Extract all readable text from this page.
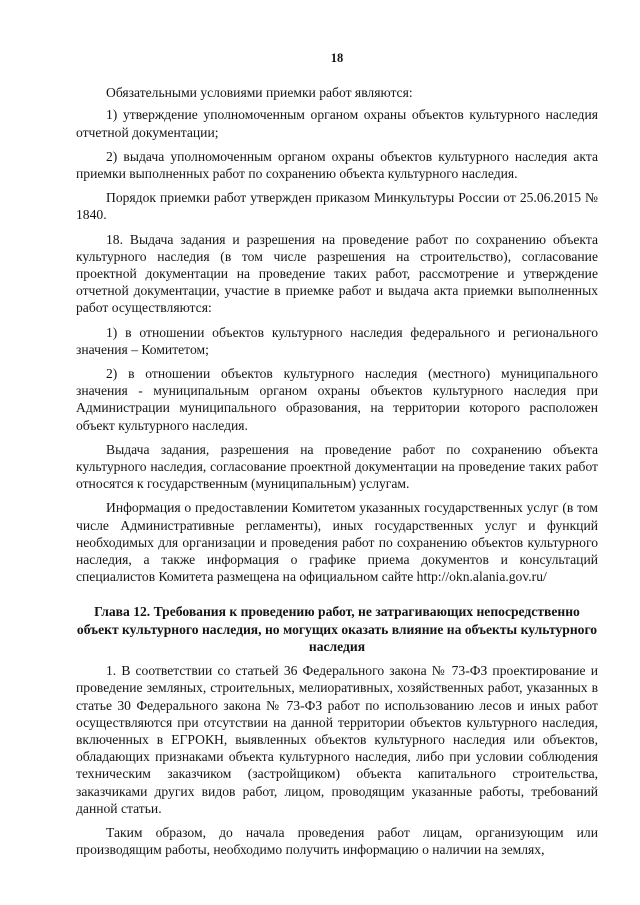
18

Обязательными условиями приемки работ являются:

1) утверждение уполномоченным органом охраны объектов культурного наследия отчетной документации;

2) выдача уполномоченным органом охраны объектов культурного наследия акта приемки выполненных работ по сохранению объекта культурного наследия.

Порядок приемки работ утвержден приказом Минкультуры России от 25.06.2015 № 1840.

18. Выдача задания и разрешения на проведение работ по сохранению объекта культурного наследия (в том числе разрешения на строительство), согласование проектной документации на проведение таких работ, рассмотрение и утверждение отчетной документации, участие в приемке работ и выдача акта приемки выполненных работ осуществляются:

1) в отношении объектов культурного наследия федерального и регионального значения – Комитетом;

2) в отношении объектов культурного наследия (местного) муниципального значения - муниципальным органом охраны объектов культурного наследия при Администрации муниципального образования, на территории которого расположен объект культурного наследия.

Выдача задания, разрешения на проведение работ по сохранению объекта культурного наследия, согласование проектной документации на проведение таких работ относятся к государственным (муниципальным) услугам.

Информация о предоставлении Комитетом указанных государственных услуг (в том числе Административные регламенты), иных государственных услуг и функций необходимых для организации и проведения работ по сохранению объектов культурного наследия, а также информация о графике приема документов и консультаций специалистов Комитета размещена на официальном сайте http://okn.alania.gov.ru/

Глава 12. Требования к проведению работ, не затрагивающих непосредственно объект культурного наследия, но могущих оказать влияние на объекты культурного наследия

1. В соответствии со статьей 36 Федерального закона № 73-ФЗ проектирование и проведение земляных, строительных, мелиоративных, хозяйственных работ, указанных в статье 30 Федерального закона № 73-ФЗ работ по использованию лесов и иных работ осуществляются при отсутствии на данной территории объектов культурного наследия, включенных в ЕГРОКН, выявленных объектов культурного наследия или объектов, обладающих признаками объекта культурного наследия, либо при условии соблюдения техническим заказчиком (застройщиком) объекта капитального строительства, заказчиками других видов работ, лицом, проводящим указанные работы, требований данной статьи.

Таким образом, до начала проведения работ лицам, организующим или производящим работы, необходимо получить информацию о наличии на землях,
